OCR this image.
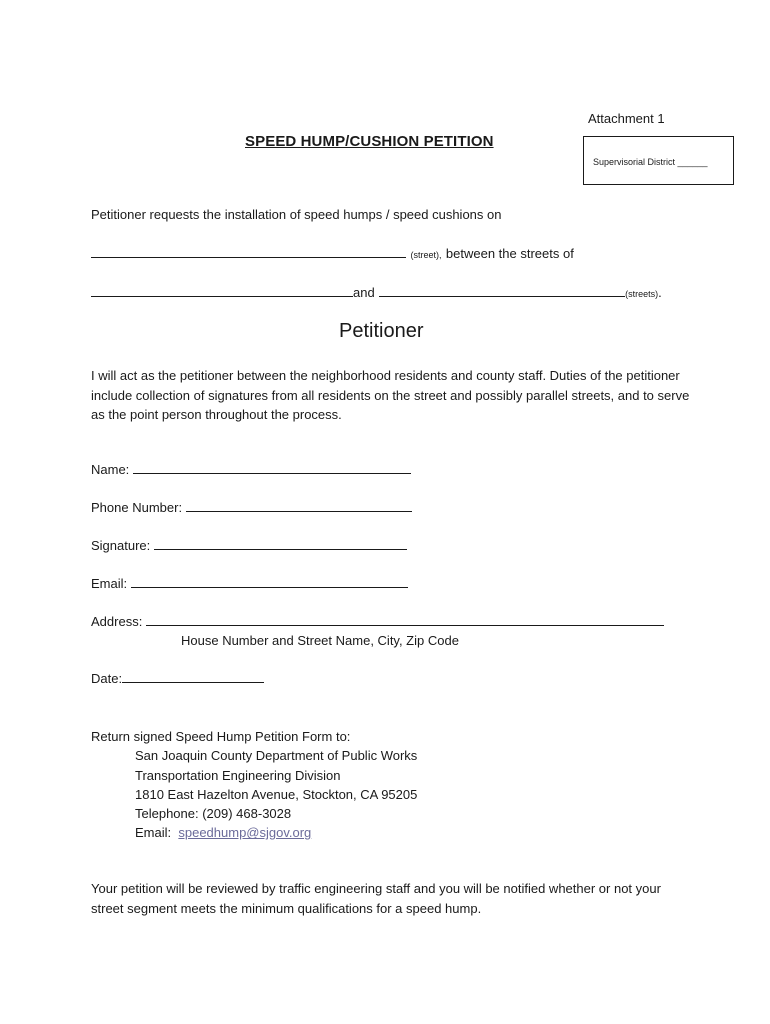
Attachment 1
SPEED HUMP/CUSHION PETITION
Supervisorial District ______
Petitioner requests the installation of speed humps / speed cushions on
(street), between the streets of
and	(streets).
Petitioner
I will act as the petitioner between the neighborhood residents and county staff. Duties of the petitioner include collection of signatures from all residents on the street and possibly parallel streets, and to serve as the point person throughout the process.
Name:
Phone Number:
Signature:
Email:
Address:
House Number and Street Name, City, Zip Code
Date:
Return signed Speed Hump Petition Form to:
San Joaquin County Department of Public Works
Transportation Engineering Division
1810 East Hazelton Avenue, Stockton, CA 95205
Telephone: (209) 468-3028
Email: speedhump@sjgov.org
Your petition will be reviewed by traffic engineering staff and you will be notified whether or not your street segment meets the minimum qualifications for a speed hump.
